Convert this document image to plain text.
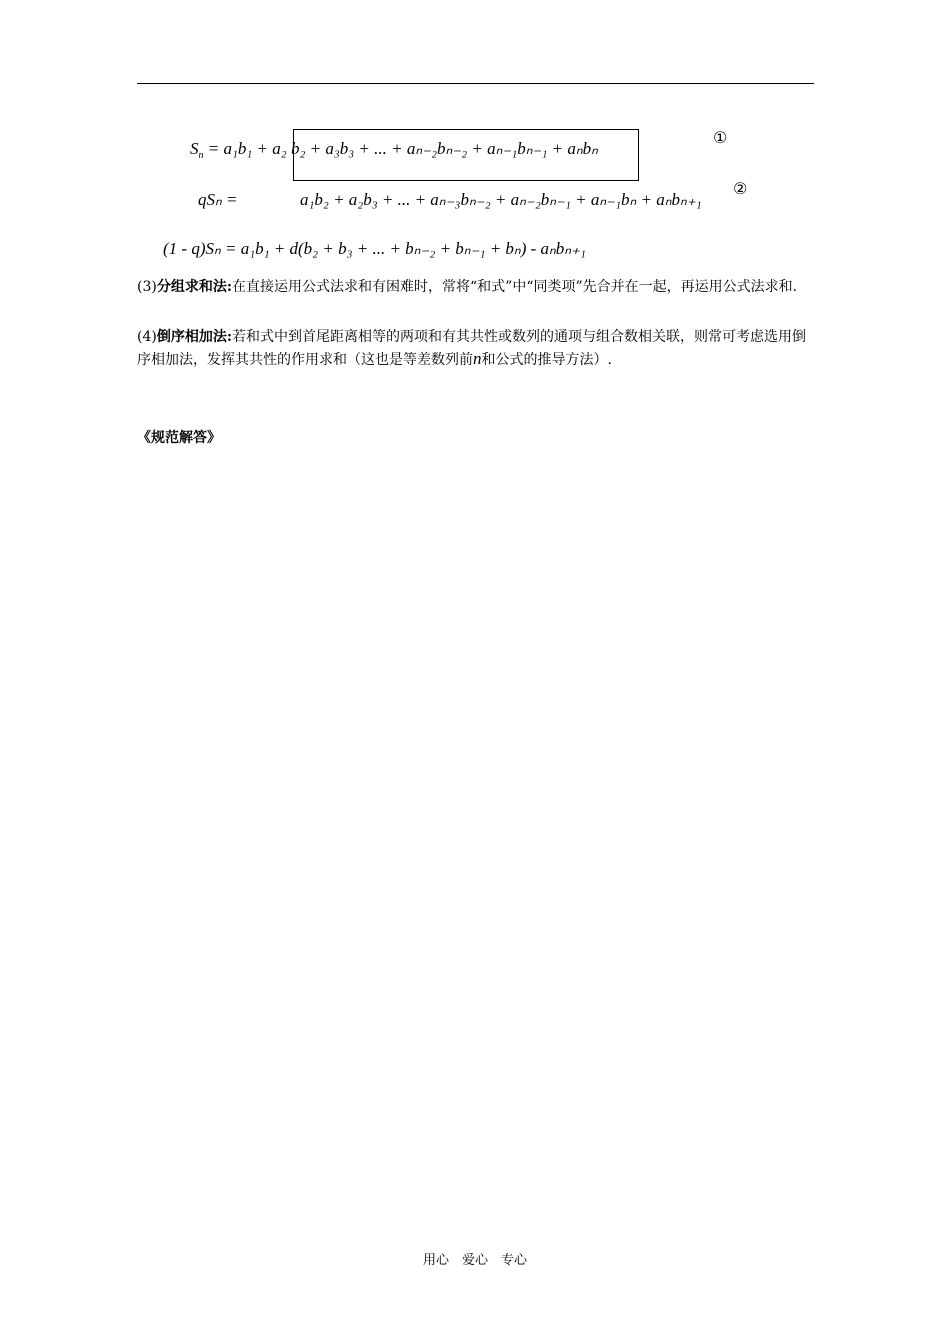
$S_n = a_1b_1 + a_2$ b₂ + a₃b₃ + ... + aₙ₋₂bₙ₋₂ + aₙ₋₁bₙ₋₁ + aₙbₙ
①
qSₙ =	a₁b₂ + a₂b₃ + ... + aₙ₋₃bₙ₋₂ + aₙ₋₂bₙ₋₁ + aₙ₋₁bₙ + aₙbₙ₊₁
②
(1 - q)Sₙ = a₁b₁ + d(b₂ + b₃ + ... + bₙ₋₂ + bₙ₋₁ + bₙ) - aₙbₙ₊₁
(3)分组求和法:在直接运用公式法求和有困难时，常将“和式”中“同类项”先合并在一起，再运用公式法求和.
(4)倒序相加法:若和式中到首尾距离相等的两项和有其共性或数列的通项与组合数相关联，则常可考虑选用倒序相加法，发挥其共性的作用求和（这也是等差数列前n和公式的推导方法）.
《规范解答》
用心　爱心　专心
